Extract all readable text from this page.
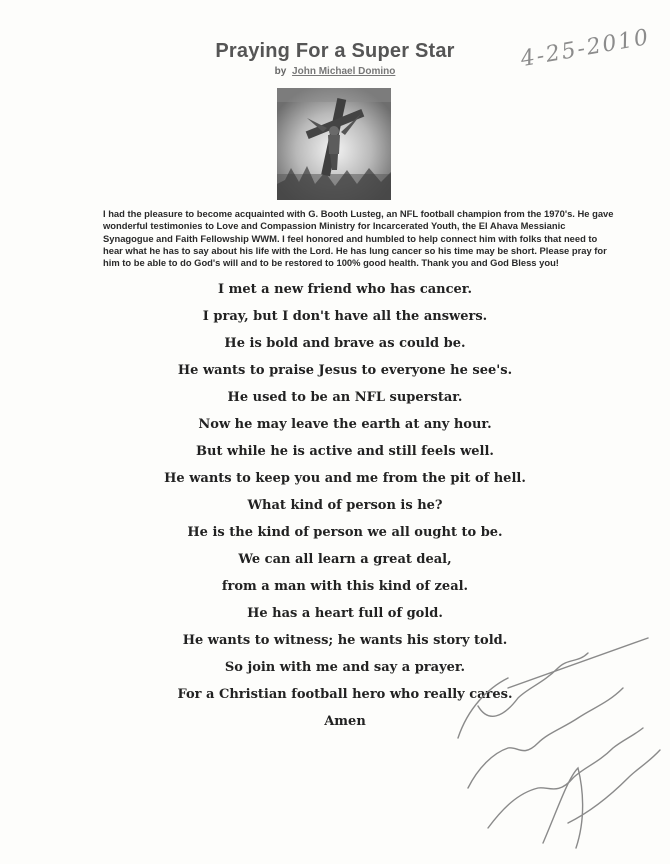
Praying For a Super Star
by John Michael Domino	4-25-2010

I had the pleasure to become acquainted with G. Booth Lusteg, an NFL football champion from the 1970's. He gave wonderful testimonies to Love and Compassion Ministry for Incarcerated Youth, the El Ahava Messianic Synagogue and Faith Fellowship WWM. I feel honored and humbled to help connect him with folks that need to hear what he has to say about his life with the Lord. He has lung cancer so his time may be short. Please pray for him to be able to do God's will and to be restored to 100% good health. Thank you and God Bless you!

I met a new friend who has cancer.
I pray, but I don't have all the answers.
He is bold and brave as could be.
He wants to praise Jesus to everyone he see's.
He used to be an NFL superstar.
Now he may leave the earth at any hour.
But while he is active and still feels well.
He wants to keep you and me from the pit of hell.
What kind of person is he?
He is the kind of person we all ought to be.
We can all learn a great deal,
from a man with this kind of zeal.
He has a heart full of gold.
He wants to witness; he wants his story told.
So join with me and say a prayer.
For a Christian football hero who really cares.
Amen
